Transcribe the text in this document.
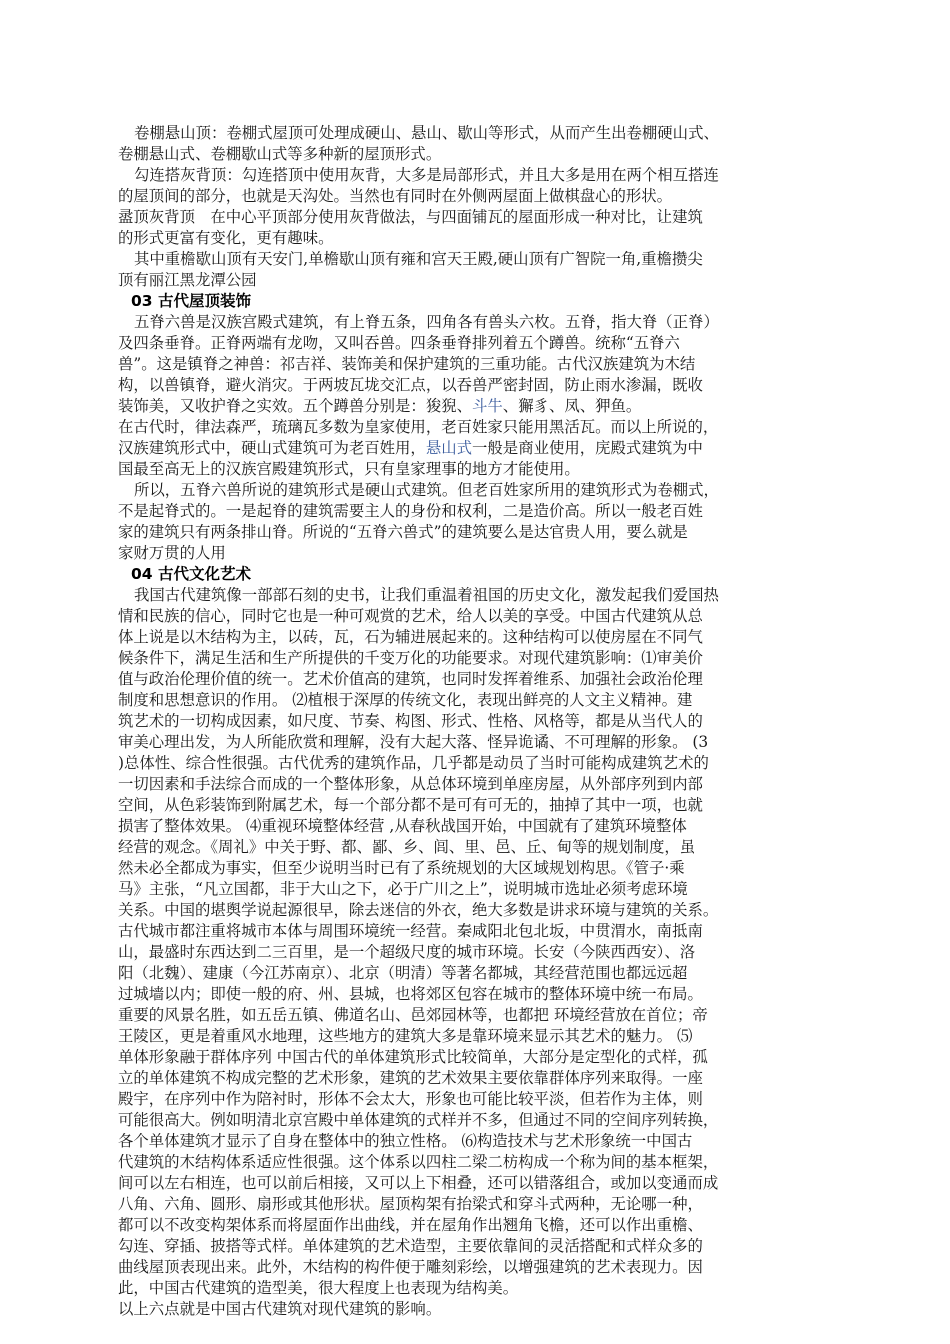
卷棚悬山顶：卷棚式屋顶可处理成硬山、悬山、歇山等形式，从而产生出卷棚硬山式、
卷棚悬山式、卷棚歇山式等多种新的屋顶形式。
勾连搭灰背顶：勾连搭顶中使用灰背，大多是局部形式，并且大多是用在两个相互搭连
的屋顶间的部分，也就是天沟处。当然也有同时在外侧两屋面上做棋盘心的形状。
盝顶灰背顶　在中心平顶部分使用灰背做法，与四面铺瓦的屋面形成一种对比，让建筑
的形式更富有变化，更有趣味。
其中重檐歇山顶有天安门,单檐歇山顶有雍和宫天王殿,硬山顶有广智院一角,重檐攒尖
顶有丽江黑龙潭公园
03 古代屋顶装饰
五脊六兽是汉族宫殿式建筑，有上脊五条，四角各有兽头六枚。五脊，指大脊（正脊）
及四条垂脊。正脊两端有龙吻，又叫吞兽。四条垂脊排列着五个蹲兽。统称“五脊六
兽”。这是镇脊之神兽：祁吉祥、装饰美和保护建筑的三重功能。古代汉族建筑为木结
构，以兽镇脊，避火消灾。于两坡瓦垅交汇点，以吞兽严密封固，防止雨水渗漏，既收
装饰美，又收护脊之实效。五个蹲兽分别是：狻猊、斗牛、獬豸、凤、狎鱼。
在古代时，律法森严，琉璃瓦多数为皇家使用，老百姓家只能用黑活瓦。而以上所说的，
汉族建筑形式中，硬山式建筑可为老百姓用，悬山式一般是商业使用，庑殿式建筑为中
国最至高无上的汉族宫殿建筑形式，只有皇家理事的地方才能使用。
所以，五脊六兽所说的建筑形式是硬山式建筑。但老百姓家所用的建筑形式为卷棚式，
不是起脊式的。一是起脊的建筑需要主人的身份和权利，二是造价高。所以一般老百姓
家的建筑只有两条排山脊。所说的“五脊六兽式”的建筑要么是达官贵人用，要么就是
家财万贯的人用
04 古代文化艺术
我国古代建筑像一部部石刻的史书，让我们重温着祖国的历史文化，激发起我们爱国热
情和民族的信心，同时它也是一种可观赏的艺术，给人以美的享受。中国古代建筑从总
体上说是以木结构为主，以砖，瓦，石为辅进展起来的。这种结构可以使房屋在不同气
候条件下，满足生活和生产所提供的千变万化的功能要求。对现代建筑影响：⑴审美价
值与政治伦理价值的统一。艺术价值高的建筑，也同时发挥着维系、加强社会政治伦理
制度和思想意识的作用。 ⑵植根于深厚的传统文化，表现出鲜亮的人文主义精神。建
筑艺术的一切构成因素，如尺度、节奏、构图、形式、性格、风格等，都是从当代人的
审美心理出发，为人所能欣赏和理解，没有大起大落、怪异诡谲、不可理解的形象。 (3
)总体性、综合性很强。古代优秀的建筑作品，几乎都是动员了当时可能构成建筑艺术的
一切因素和手法综合而成的一个整体形象，从总体环境到单座房屋，从外部序列到内部
空间，从色彩装饰到附属艺术，每一个部分都不是可有可无的，抽掉了其中一项，也就
损害了整体效果。 ⑷重视环境整体经营 ,从春秋战国开始，中国就有了建筑环境整体
经营的观念。《周礼》中关于野、都、鄙、乡、闾、里、邑、丘、甸等的规划制度，虽
然未必全都成为事实，但至少说明当时已有了系统规划的大区域规划构思。《管子·乘
马》主张，“凡立国都，非于大山之下，必于广川之上”，说明城市选址必须考虑环境
关系。中国的堪舆学说起源很早，除去迷信的外衣，绝大多数是讲求环境与建筑的关系。
古代城市都注重将城市本体与周围环境统一经营。秦咸阳北包北坂，中贯渭水，南抵南
山，最盛时东西达到二三百里，是一个超级尺度的城市环境。长安（今陕西西安）、洛
阳（北魏）、建康（今江苏南京）、北京（明清）等著名都城，其经营范围也都远远超
过城墙以内；即使一般的府、州、县城，也将郊区包容在城市的整体环境中统一布局。
重要的风景名胜，如五岳五镇、佛道名山、邑郊园林等，也都把 环境经营放在首位；帝
王陵区，更是着重风水地理，这些地方的建筑大多是靠环境来显示其艺术的魅力。 ⑸
单体形象融于群体序列 中国古代的单体建筑形式比较简单，大部分是定型化的式样，孤
立的单体建筑不构成完整的艺术形象，建筑的艺术效果主要依靠群体序列来取得。一座
殿宇，在序列中作为陪衬时，形体不会太大，形象也可能比较平淡，但若作为主体，则
可能很高大。例如明清北京宫殿中单体建筑的式样并不多，但通过不同的空间序列转换，
各个单体建筑才显示了自身在整体中的独立性格。 ⑹构造技术与艺术形象统一中国古
代建筑的木结构体系适应性很强。这个体系以四柱二梁二枋构成一个称为间的基本框架，
间可以左右相连，也可以前后相接，又可以上下相叠，还可以错落组合，或加以变通而成
八角、六角、圆形、扇形或其他形状。屋顶构架有抬梁式和穿斗式两种，无论哪一种，
都可以不改变构架体系而将屋面作出曲线，并在屋角作出翘角飞檐，还可以作出重檐、
勾连、穿插、披搭等式样。单体建筑的艺术造型，主要依靠间的灵活搭配和式样众多的
曲线屋顶表现出来。此外，木结构的构件便于雕刻彩绘，以增强建筑的艺术表现力。因
此，中国古代建筑的造型美，很大程度上也表现为结构美。
以上六点就是中国古代建筑对现代建筑的影响。
